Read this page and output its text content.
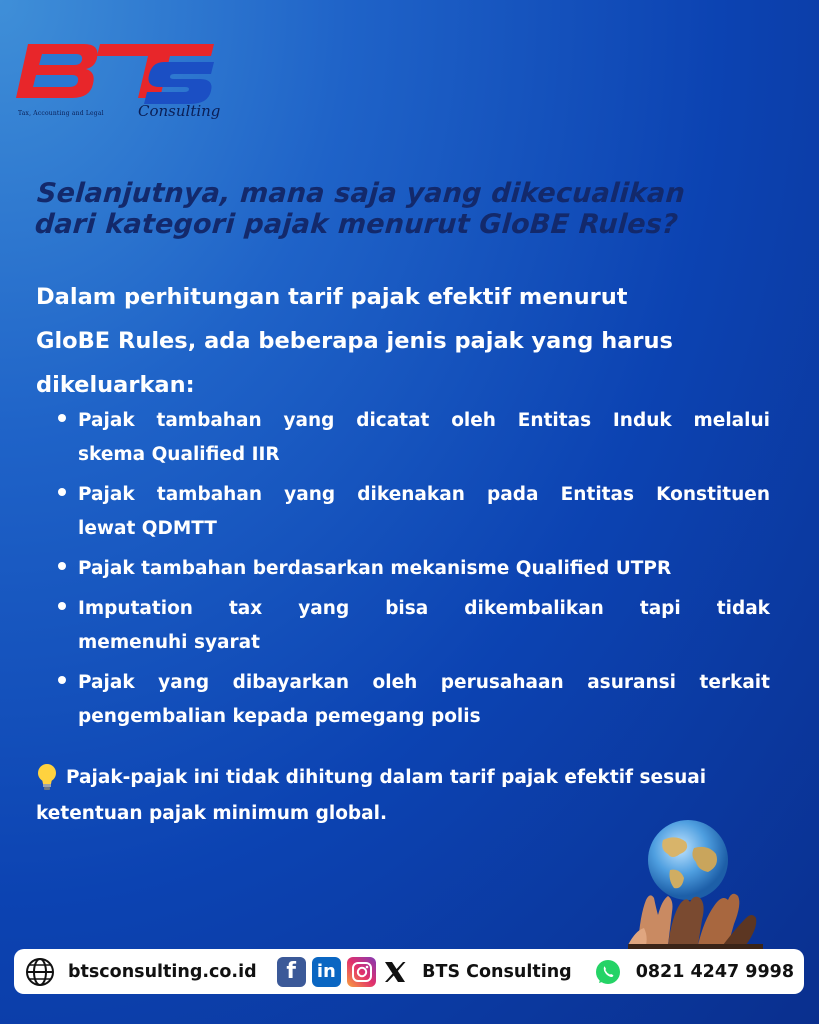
Tax, Accounting and Legal Consulting
Selanjutnya, mana saja yang dikecualikan
dari kategori pajak menurut GloBE Rules?
Dalam perhitungan tarif pajak efektif menurut
GloBE Rules, ada beberapa jenis pajak yang harus
dikeluarkan:
Pajak tambahan yang dicatat oleh Entitas Induk melalui
skema Qualified IIR
Pajak tambahan yang dikenakan pada Entitas Konstituen
lewat QDMTT
Pajak tambahan berdasarkan mekanisme Qualified UTPR
Imputation tax yang bisa dikembalikan tapi tidak
memenuhi syarat
Pajak yang dibayarkan oleh perusahaan asuransi terkait
pengembalian kepada pemegang polis
Pajak-pajak ini tidak dihitung dalam tarif pajak efektif sesuai
ketentuan pajak minimum global.
btsconsulting.co.id	f	in	BTS Consulting	0821 4247 9998
